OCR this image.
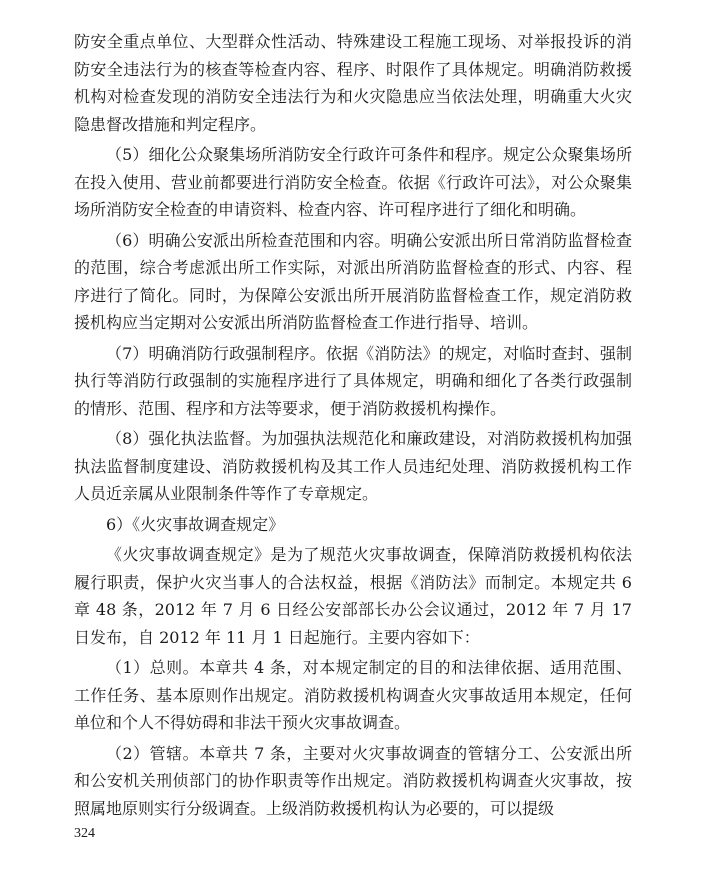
防安全重点单位、大型群众性活动、特殊建设工程施工现场、对举报投诉的消防安全违法行为的核查等检查内容、程序、时限作了具体规定。明确消防救援机构对检查发现的消防安全违法行为和火灾隐患应当依法处理，明确重大火灾隐患督改措施和判定程序。

（5）细化公众聚集场所消防安全行政许可条件和程序。规定公众聚集场所在投入使用、营业前都要进行消防安全检查。依据《行政许可法》，对公众聚集场所消防安全检查的申请资料、检查内容、许可程序进行了细化和明确。

（6）明确公安派出所检查范围和内容。明确公安派出所日常消防监督检查的范围，综合考虑派出所工作实际，对派出所消防监督检查的形式、内容、程序进行了简化。同时，为保障公安派出所开展消防监督检查工作，规定消防救援机构应当定期对公安派出所消防监督检查工作进行指导、培训。

（7）明确消防行政强制程序。依据《消防法》的规定，对临时查封、强制执行等消防行政强制的实施程序进行了具体规定，明确和细化了各类行政强制的情形、范围、程序和方法等要求，便于消防救援机构操作。

（8）强化执法监督。为加强执法规范化和廉政建设，对消防救援机构加强执法监督制度建设、消防救援机构及其工作人员违纪处理、消防救援机构工作人员近亲属从业限制条件等作了专章规定。

6）《火灾事故调查规定》

《火灾事故调查规定》是为了规范火灾事故调查，保障消防救援机构依法履行职责，保护火灾当事人的合法权益，根据《消防法》而制定。本规定共 6 章 48 条，2012 年 7 月 6 日经公安部部长办公会议通过，2012 年 7 月 17 日发布，自 2012 年 11 月 1 日起施行。主要内容如下：

（1）总则。本章共 4 条，对本规定制定的目的和法律依据、适用范围、工作任务、基本原则作出规定。消防救援机构调查火灾事故适用本规定，任何单位和个人不得妨碍和非法干预火灾事故调查。

（2）管辖。本章共 7 条，主要对火灾事故调查的管辖分工、公安派出所和公安机关刑侦部门的协作职责等作出规定。消防救援机构调查火灾事故，按照属地原则实行分级调查。上级消防救援机构认为必要的，可以提级

324
